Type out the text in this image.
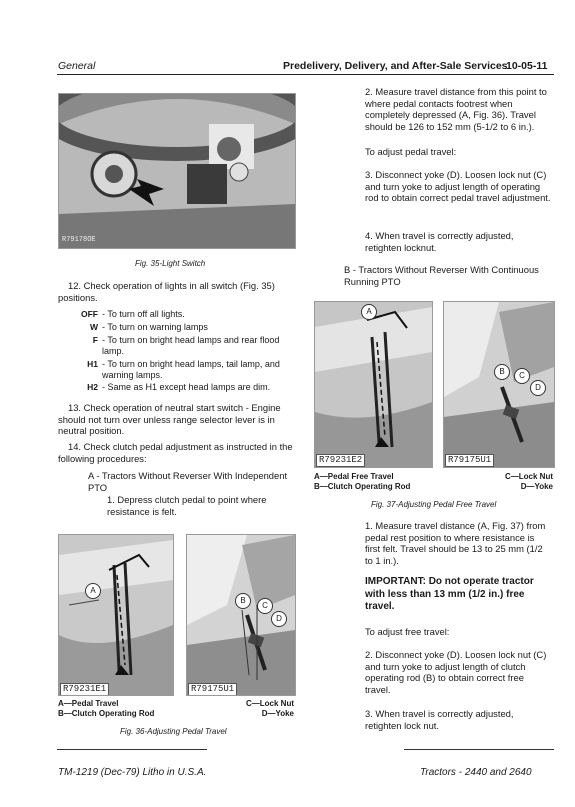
General	Predelivery, Delivery, and After-Sale Services
10-05-11
R79178OE
Fig. 35-Light Switch

12. Check operation of lights in all switch (Fig. 35) positions.

OFF - To turn off all lights.
W - To turn on warning lamps
F - To turn on bright head lamps and rear flood lamp.
H1 - To turn on bright head lamps, tail lamp, and warning lamps.
H2 - Same as H1 except head lamps are dim.

13. Check operation of neutral start switch - Engine should not turn over unless range selector lever is in neutral position.

14. Check clutch pedal adjustment as instructed in the following procedures:

A - Tractors Without Reverser With Independent PTO

1. Depress clutch pedal to point where resistance is felt.

A
R79231E1
B
C
D
R79175U1
A—Pedal Travel
B—Clutch Operating Rod
C—Lock Nut
D—Yoke
Fig. 36-Adjusting Pedal Travel

2. Measure travel distance from this point to where pedal contacts footrest when completely depressed (A, Fig. 36). Travel should be 126 to 152 mm (5-1/2 to 6 in.).

To adjust pedal travel:

3. Disconnect yoke (D). Loosen lock nut (C) and turn yoke to adjust length of operating rod to obtain correct pedal travel adjustment.

4. When travel is correctly adjusted, retighten locknut.

B - Tractors Without Reverser With Continuous Running PTO

A
R79231E2
B	C
D
R79175U1
A—Pedal Free Travel
B—Clutch Operating Rod
C—Lock Nut
D—Yoke
Fig. 37-Adjusting Pedal Free Travel

1. Measure travel distance (A, Fig. 37) from pedal rest position to where resistance is first felt. Travel should be 13 to 25 mm (1/2 to 1 in.).

IMPORTANT: Do not operate tractor with less than 13 mm (1/2 in.) free travel.

To adjust free travel:

2. Disconnect yoke (D). Loosen lock nut (C) and turn yoke to adjust length of clutch operating rod (B) to obtain correct free travel.

3. When travel is correctly adjusted, retighten lock nut.

TM-1219 (Dec-79) Litho in U.S.A.	Tractors - 2440 and 2640
